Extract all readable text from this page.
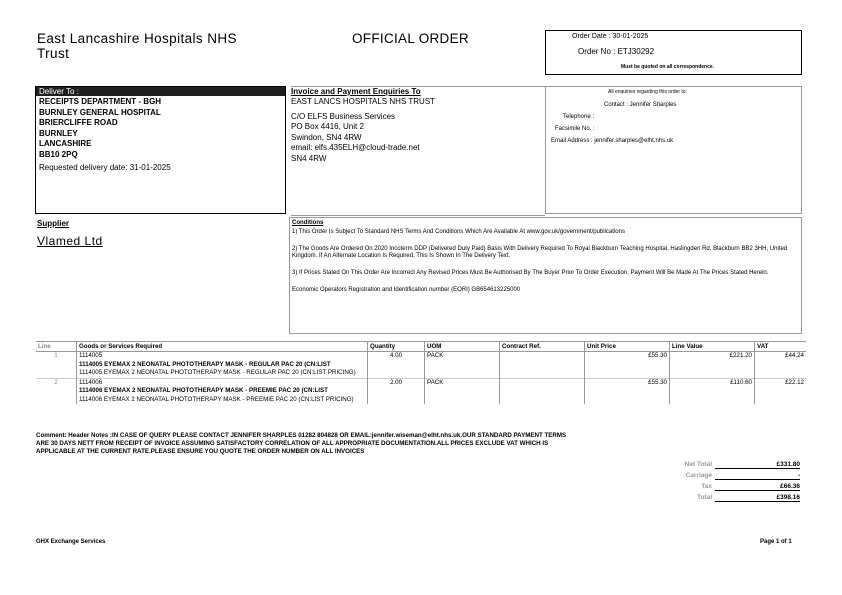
East Lancashire Hospitals NHS
Trust
OFFICIAL ORDER	Order Date : 30-01-2025
Order No : ETJ30292
Must be quoted on all correspondence.
Deliver To :
RECEIPTS DEPARTMENT - BGH
BURNLEY GENERAL HOSPITAL
BRIERCLIFFE ROAD
BURNLEY
LANCASHIRE
BB10 2PQ
Requested delivery date: 31-01-2025
Invoice and Payment Enquiries To
EAST LANCS HOSPITALS NHS TRUST
C/O ELFS Business Services
PO Box 4416, Unit 2
Swindon, SN4 4RW
email: elfs.435ELH@cloud-trade.net
SN4 4RW
All enquiries regarding this order to:
Contact : Jennifer Sharples
Telephone :
Facsimile No. :
Email Address : jennifer.sharples@elht.nhs.uk
Supplier
Vlamed Ltd
Conditions
1) This Order Is Subject To Standard NHS Terms And Conditions Which Are Available At www.gov.uk/government/publications
2) The Goods Are Ordered On 2020 Incoterm DDP (Delivered Duty Paid) Basis With Delivery Required To Royal Blackburn Teaching Hospital, Haslingden Rd, Blackburn BB2 3HH, United Kingdom. If An Alternate Location Is Required, This Is Shown In The Delivery Text.
3) If Prices Stated On This Order Are Incorrect Any Revised Prices Must Be Authorised By The Buyer Prior To Order Execution. Payment Will Be Made At The Prices Stated Herein.
Economic Operators Registration and Identification number (EORI) GB654613225000
Line	Goods or Services Required	Quantity	UOM	Contract Ref.	Unit Price	Line Value	VAT
1	1114005
1114005 EYEMAX 2 NEONATAL PHOTOTHERAPY MASK - REGULAR PAC 20 (CN:LIST
1114005 EYEMAX 2 NEONATAL PHOTOTHERAPY MASK - REGULAR PAC 20 (CN:LIST PRICING)	4.00	PACK		£55.30	£221.20	£44.24
2	1114006
1114006 EYEMAX 2 NEONATAL PHOTOTHERAPY MASK - PREEMIE PAC 20 (CN:LIST
1114006 EYEMAX 2 NEONATAL PHOTOTHERAPY MASK - PREEMIE PAC 20 (CN:LIST PRICING)	2.00	PACK		£55.30	£110.60	£22.12
Comment: Header Notes :IN CASE OF QUERY PLEASE CONTACT JENNIFER SHARPLES 01282 804828 OR EMAIL:jennifer.wiseman@elht.nhs.uk.OUR STANDARD PAYMENT TERMS
ARE 30 DAYS NETT FROM RECEIPT OF INVOICE ASSUMING SATISFACTORY CORRELATION OF ALL APPROPRIATE DOCUMENTATION.ALL PRICES EXCLUDE VAT WHICH IS
APPLICABLE AT THE CURRENT RATE.PLEASE ENSURE YOU QUOTE THE ORDER NUMBER ON ALL INVOICES
Net Total	£331.80
Carriage	-
Tax	£66.36
Total	£398.16
GHX Exchange Services	Page 1 of 1
